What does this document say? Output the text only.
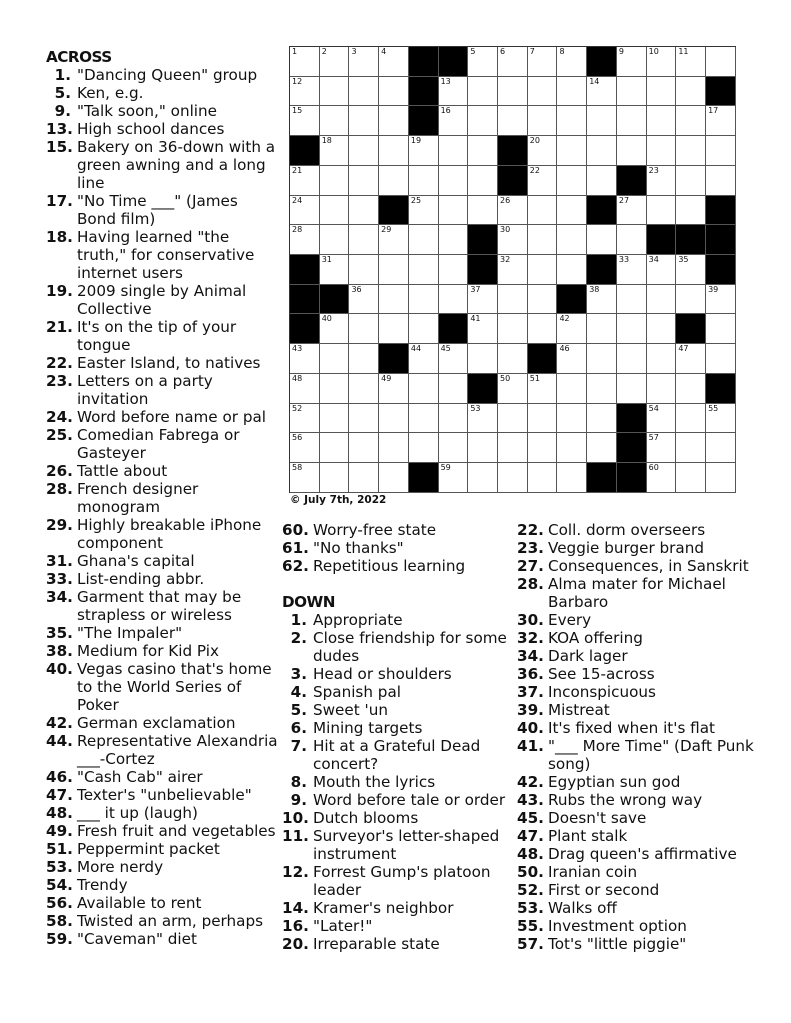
1	2	3	4	5	6	7	8	9	10 11
12	13	14
15	16	17
18	19	20
21	22	23
24	25	26	27
28	29	30
31	32	33 34 35
36	37	38	39
40	41	42
43	44 45	46	47
48	49	50 51
52	53	54	55
56	57
58	59	60
© July 7th, 2022
ACROSS
1. "Dancing Queen" group
5. Ken, e.g.
9. "Talk soon," online
13. High school dances
15. Bakery on 36-down with a green awning and a long line
17. "No Time ___" (James Bond film)
18. Having learned "the truth," for conservative internet users
19. 2009 single by Animal Collective
21. It's on the tip of your tongue
22. Easter Island, to natives
23. Letters on a party invitation
24. Word before name or pal
25. Comedian Fabrega or Gasteyer
26. Tattle about
28. French designer monogram
29. Highly breakable iPhone component
31. Ghana's capital
33. List-ending abbr.
34. Garment that may be strapless or wireless
35. "The Impaler"
38. Medium for Kid Pix
40. Vegas casino that's home to the World Series of Poker
42. German exclamation
44. Representative Alexandria ___-Cortez
46. "Cash Cab" airer
47. Texter's "unbelievable"
48. ___ it up (laugh)
49. Fresh fruit and vegetables
51. Peppermint packet
53. More nerdy
54. Trendy
56. Available to rent
58. Twisted an arm, perhaps
59. "Caveman" diet
60. Worry-free state
61. "No thanks"
62. Repetitious learning
DOWN
1. Appropriate
2. Close friendship for some dudes
3. Head or shoulders
4. Spanish pal
5. Sweet 'un
6. Mining targets
7. Hit at a Grateful Dead concert?
8. Mouth the lyrics
9. Word before tale or order
10. Dutch blooms
11. Surveyor's letter-shaped instrument
12. Forrest Gump's platoon leader
14. Kramer's neighbor
16. "Later!"
20. Irreparable state
22. Coll. dorm overseers
23. Veggie burger brand
27. Consequences, in Sanskrit
28. Alma mater for Michael Barbaro
30. Every
32. KOA offering
34. Dark lager
36. See 15-across
37. Inconspicuous
39. Mistreat
40. It's fixed when it's flat
41. "___ More Time" (Daft Punk song)
42. Egyptian sun god
43. Rubs the wrong way
45. Doesn't save
47. Plant stalk
48. Drag queen's affirmative
50. Iranian coin
52. First or second
53. Walks off
55. Investment option
57. Tot's "little piggie"
